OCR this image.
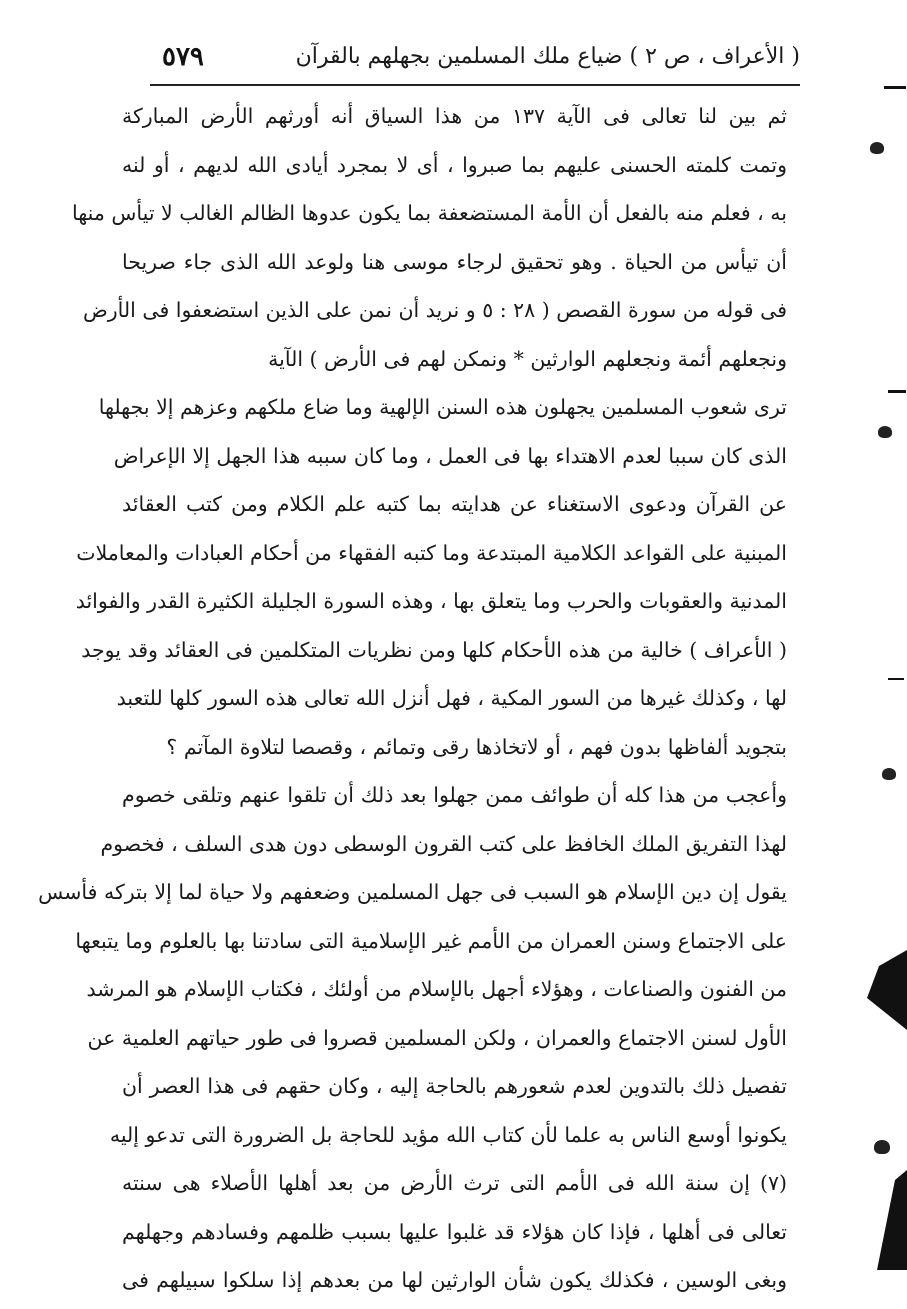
( الأعراف ، ص ٢ ) ضياع ملك المسلمين بجهلهم بالقرآن
٥٧٩
ثم بين لنا تعالى فى الآية ١٣٧ من هذا السياق أنه أورثهم الأرض المباركة
وتمت كلمته الحسنى عليهم بما صبروا ، أى لا بمجرد أيادى الله لديهم ، أو لنه
به ، فعلم منه بالفعل أن الأمة المستضعفة بما يكون عدوها الظالم الغالب لا تيأس منها
أن تيأس من الحياة . وهو تحقيق لرجاء موسى هنا ولوعد الله الذى جاء صريحا
فى قوله من سورة القصص ( ٢٨ : ٥ و نريد أن نمن على الذين استضعفوا فى الأرض
ونجعلهم أئمة ونجعلهم الوارثين * ونمكن لهم فى الأرض ) الآية
ترى شعوب المسلمين يجهلون هذه السنن الإلهية وما ضاع ملكهم وعزهم إلا بجهلها
الذى كان سببا لعدم الاهتداء بها فى العمل ، وما كان سببه هذا الجهل إلا الإعراض
عن القرآن ودعوى الاستغناء عن هدايته بما كتبه علم الكلام ومن كتب العقائد
المبنية على القواعد الكلامية المبتدعة وما كتبه الفقهاء من أحكام العبادات والمعاملات
المدنية والعقوبات والحرب وما يتعلق بها ، وهذه السورة الجليلة الكثيرة القدر والفوائد
( الأعراف ) خالية من هذه الأحكام كلها ومن نظريات المتكلمين فى العقائد وقد يوجد
لها ، وكذلك غيرها من السور المكية ، فهل أنزل الله تعالى هذه السور كلها للتعبد
بتجويد ألفاظها بدون فهم ، أو لاتخاذها رقى وتمائم ، وقصصا لتلاوة المآتم ؟
وأعجب من هذا كله أن طوائف ممن جهلوا بعد ذلك أن تلقوا عنهم وتلقى خصوم
لهذا التفريق الملك الخافظ على كتب القرون الوسطى دون هدى السلف ، فخصوم
يقول إن دين الإسلام هو السبب فى جهل المسلمين وضعفهم ولا حياة لما إلا بتركه فأسس
على الاجتماع وسنن العمران من الأمم غير الإسلامية التى سادتنا بها بالعلوم وما يتبعها
من الفنون والصناعات ، وهؤلاء أجهل بالإسلام من أولئك ، فكتاب الإسلام هو المرشد
الأول لسنن الاجتماع والعمران ، ولكن المسلمين قصروا فى طور حياتهم العلمية عن
تفصيل ذلك بالتدوين لعدم شعورهم بالحاجة إليه ، وكان حقهم فى هذا العصر أن
يكونوا أوسع الناس به علما لأن كتاب الله مؤيد للحاجة بل الضرورة التى تدعو إليه
(٧) إن سنة الله فى الأمم التى ترث الأرض من بعد أهلها الأصلاء هى سنته
تعالى فى أهلها ، فإذا كان هؤلاء قد غلبوا عليها بسبب ظلمهم وفسادهم وجهلهم
وبغى الوسين ، فكذلك يكون شأن الوارثين لها من بعدهم إذا سلكوا سبيلهم فى
